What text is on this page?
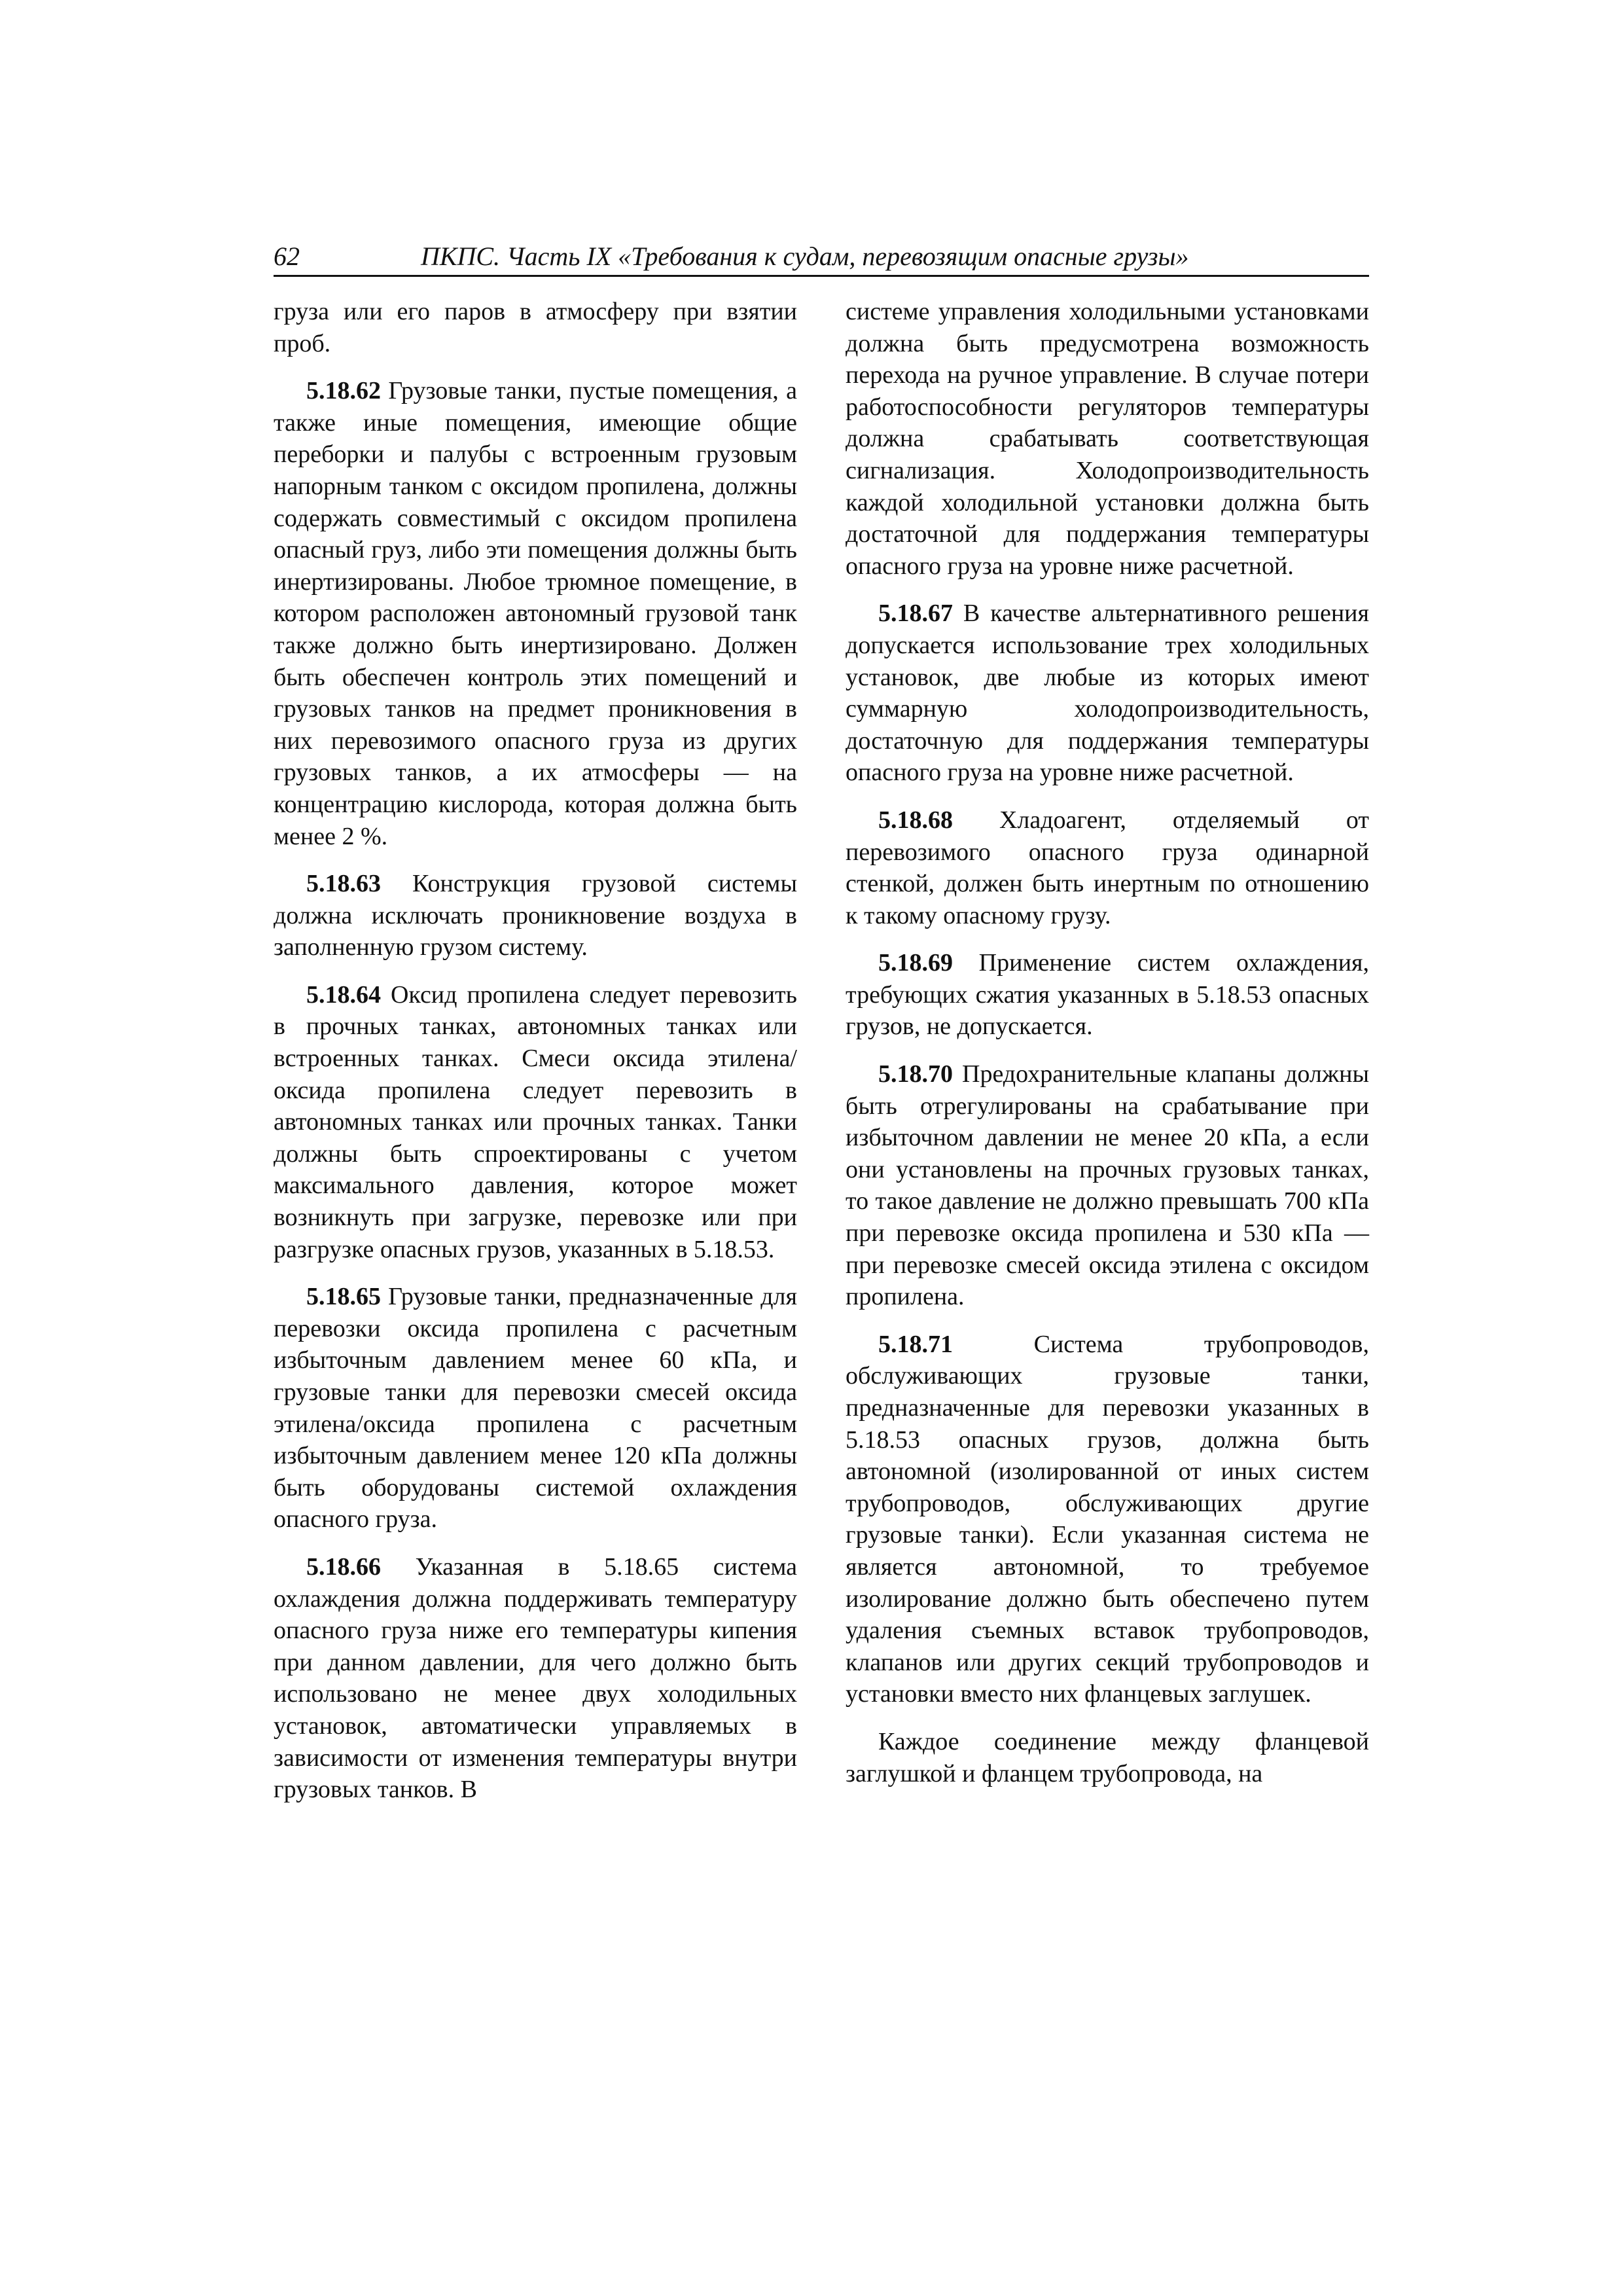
62	ПКПС. Часть IX «Требования к судам, перевозящим опасные грузы»

груза или его паров в атмосферу при взятии проб.

5.18.62 Грузовые танки, пустые помещения, а также иные помещения, имеющие общие переборки и палубы с встроенным грузовым напорным танком с оксидом пропилена, должны содержать совместимый с оксидом пропилена опасный груз, либо эти помещения должны быть инертизированы. Любое трюмное помещение, в котором расположен автономный грузовой танк также должно быть инертизировано. Должен быть обеспечен контроль этих помещений и грузовых танков на предмет проникновения в них перевозимого опасного груза из других грузовых танков, а их атмосферы — на концентрацию кислорода, которая должна быть менее 2 %.

5.18.63 Конструкция грузовой системы должна исключать проникновение воздуха в заполненную грузом систему.

5.18.64 Оксид пропилена следует перевозить в прочных танках, автономных танках или встроенных танках. Смеси оксида этилена/оксида пропилена следует перевозить в автономных танках или прочных танках. Танки должны быть спроектированы с учетом максимального давления, которое может возникнуть при загрузке, перевозке или при разгрузке опасных грузов, указанных в 5.18.53.

5.18.65 Грузовые танки, предназначенные для перевозки оксида пропилена с расчетным избыточным давлением менее 60 кПа, и грузовые танки для перевозки смесей оксида этилена/оксида пропилена с расчетным избыточным давлением менее 120 кПа должны быть оборудованы системой охлаждения опасного груза.

5.18.66 Указанная в 5.18.65 система охлаждения должна поддерживать температуру опасного груза ниже его температуры кипения при данном давлении, для чего должно быть использовано не менее двух холодильных установок, автоматически управляемых в зависимости от изменения температуры внутри грузовых танков. В

системе управления холодильными установками должна быть предусмотрена возможность перехода на ручное управление. В случае потери работоспособности регуляторов температуры должна срабатывать соответствующая сигнализация. Холодопроизводительность каждой холодильной установки должна быть достаточной для поддержания температуры опасного груза на уровне ниже расчетной.

5.18.67 В качестве альтернативного решения допускается использование трех холодильных установок, две любые из которых имеют суммарную холодопроизводительность, достаточную для поддержания температуры опасного груза на уровне ниже расчетной.

5.18.68 Хладоагент, отделяемый от перевозимого опасного груза одинарной стенкой, должен быть инертным по отношению к такому опасному грузу.

5.18.69 Применение систем охлаждения, требующих сжатия указанных в 5.18.53 опасных грузов, не допускается.

5.18.70 Предохранительные клапаны должны быть отрегулированы на срабатывание при избыточном давлении не менее 20 кПа, а если они установлены на прочных грузовых танках, то такое давление не должно превышать 700 кПа при перевозке оксида пропилена и 530 кПа — при перевозке смесей оксида этилена с оксидом пропилена.

5.18.71	Система трубопроводов, обслуживающих грузовые танки, предназначенные для перевозки указанных в 5.18.53 опасных грузов, должна быть автономной (изолированной от иных систем трубопроводов, обслуживающих другие грузовые танки). Если указанная система не является автономной, то требуемое изолирование должно быть обеспечено путем удаления съемных вставок трубопроводов, клапанов или других секций трубопроводов и установки вместо них фланцевых заглушек.

Каждое соединение между фланцевой заглушкой и фланцем трубопровода, на
